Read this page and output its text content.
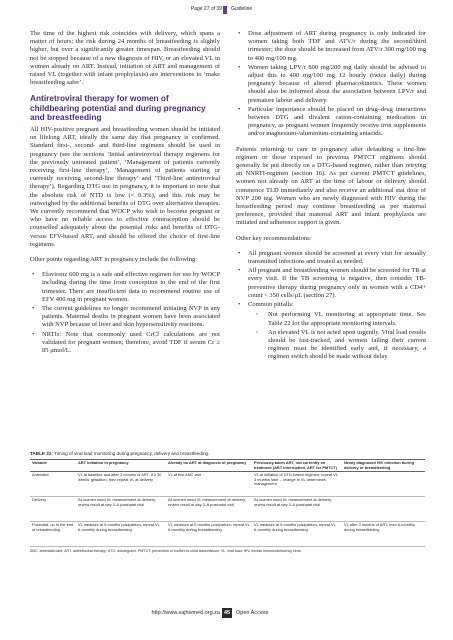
Page 27 of 39 Guideline

The time of the highest risk coincides with delivery, which spans a matter of hours; the risk during 24 months of breastfeeding is slightly higher, but over a significantly greater timespan. Breastfeeding should not be stopped because of a new diagnosis of HIV, or an elevated VL in women already on ART. Instead, initiation of ART and management of raised VL (together with infant prophylaxis) are interventions to ‘make breastfeeding safer’.

Antiretroviral therapy for women of childbearing potential and during pregnancy and breastfeeding

All HIV-positive pregnant and breastfeeding women should be initiated on lifelong ART, ideally the same day that pregnancy is confirmed. Standard first-, second- and third-line regimens should be used in pregnancy (see the sections ‘Initial antiretroviral therapy regimens for the previously untreated patient’, ‘Management of patients currently receiving first-line therapy’, ‘Management of patients starting or currently receiving second-line therapy’ and ‘Third-line antiretroviral therapy’). Regarding DTG use in pregnancy, it is important to note that the absolute risk of NTD is low (< 0.3%), and this risk may be outweighed by the additional benefits of DTG over alternative therapies. We currently recommend that WOCP who wish to become pregnant or who have no reliable access to effective contraception should be counselled adequately about the potential risks and benefits of DTG- versus EFV-based ART, and should be offered the choice of first-line regimens.

Other points regarding ART in pregnancy include the following:

• Efavirenz 600 mg is a safe and effective regimen for use by WOCP including during the time from conception to the end of the first trimester. There are insufficient data to recommend routine use of EFV 400 mg in pregnant women.
• The current guidelines no longer recommend initiating NVP in any patients. Maternal deaths in pregnant women have been associated with NVP because of liver and skin hypersensitivity reactions.
• NRTIs: Note that commonly used CrCl calculations are not validated for pregnant women; therefore, avoid TDF if serum Cr ≥ 85 µmol/L.
• Dose adjustment of ART during pregnancy is only indicated for women taking both TDF and ATV/r during the second/third trimester; the dose should be increased from ATV/r 300 mg/100 mg to 400 mg/100 mg.
• Women taking LPV/r 800 mg/200 mg daily should be advised to adjust this to 400 mg/100 mg 12 hourly (twice daily) during pregnancy because of altered pharmacokinetics. These women should also be informed about the association between LPV/r and premature labour and delivery.
• Particular importance should be placed on drug–drug interactions between DTG and divalent cation-containing medication in pregnancy, as pregnant women frequently receive iron supplements and/or magnesium-/aluminium-containing antacids.

Patients returning to care in pregnancy after defaulting a first-line regimen or those exposed to previous PMTCT regimens should generally be put directly on a DTG-based regimen, rather than retrying an NNRTI-regimen (section 16). As per current PMTCT guidelines, women not already on ART at the time of labour or delivery should commence TLD immediately and also receive an additional stat dose of NVP 200 mg. Women who are newly diagnosed with HIV during the breastfeeding period may continue breastfeeding as per maternal preference, provided that maternal ART and infant prophylaxis are initiated and adherence support is given.

Other key recommendations:

• All pregnant women should be screened at every visit for sexually transmitted infections and treated as needed.
• All pregnant and breastfeeding women should be screened for TB at every visit. If the TB screening is negative, then consider TB-preventive therapy during pregnancy only in women with a CD4+ count < 350 cells/µL (section 27).
• Common pitfalls:
◦ Not performing VL monitoring at appropriate time. See Table 22 for the appropriate monitoring intervals.
◦ An elevated VL is not acted upon urgently. Viral load results should be fast-tracked, and women failing their current regimen must be identified early and, if necessary, a regimen switch should be made without delay.
TABLE 22: Timing of viral load monitoring during pregnancy, delivery and breastfeeding.
Variable	ART initiation in pregnancy	Already on ART at diagnosis of pregnancy	Previously taken ART, not currently on treatment (ART interruption, ART for PMTCT)	Newly diagnosed HIV infection during delivery or breastfeeding
Antenatal	VL at baseline and after 3 months of ART. If ≥ 30 weeks’ gestation, then repeat VL at delivery	VL at first ANC visit	VL at initiation of DTG-based regimen; repeat VL 3 months later – change in VL determines management	
Delivery	All women need VL measurement at delivery; review result at day 3–6 postnatal visit	All women need VL measurement at delivery; review result at day 3–6 postnatal visit	All women need VL measurement at delivery; review result at day 3–6 postnatal visit	
Postnatal, up to the end of breastfeeding	VL measure at 6 months postpartum; repeat VL 6-monthly during breastfeeding	VL measure at 6 months postpartum; repeat VL 6-monthly during breastfeeding	VL measure at 6 months postpartum; repeat VL 6-monthly during breastfeeding	VL after 3 months of ART, then 6-monthly during breastfeeding
ANC, antenatal care; ART, antiretroviral therapy; DTG, dolutegravir; PMTCT, prevention of mother-to-child transmission; VL, viral load; HIV, human immunodeficiency virus.
http://www.sajhivmed.org.za 45	Open Access
